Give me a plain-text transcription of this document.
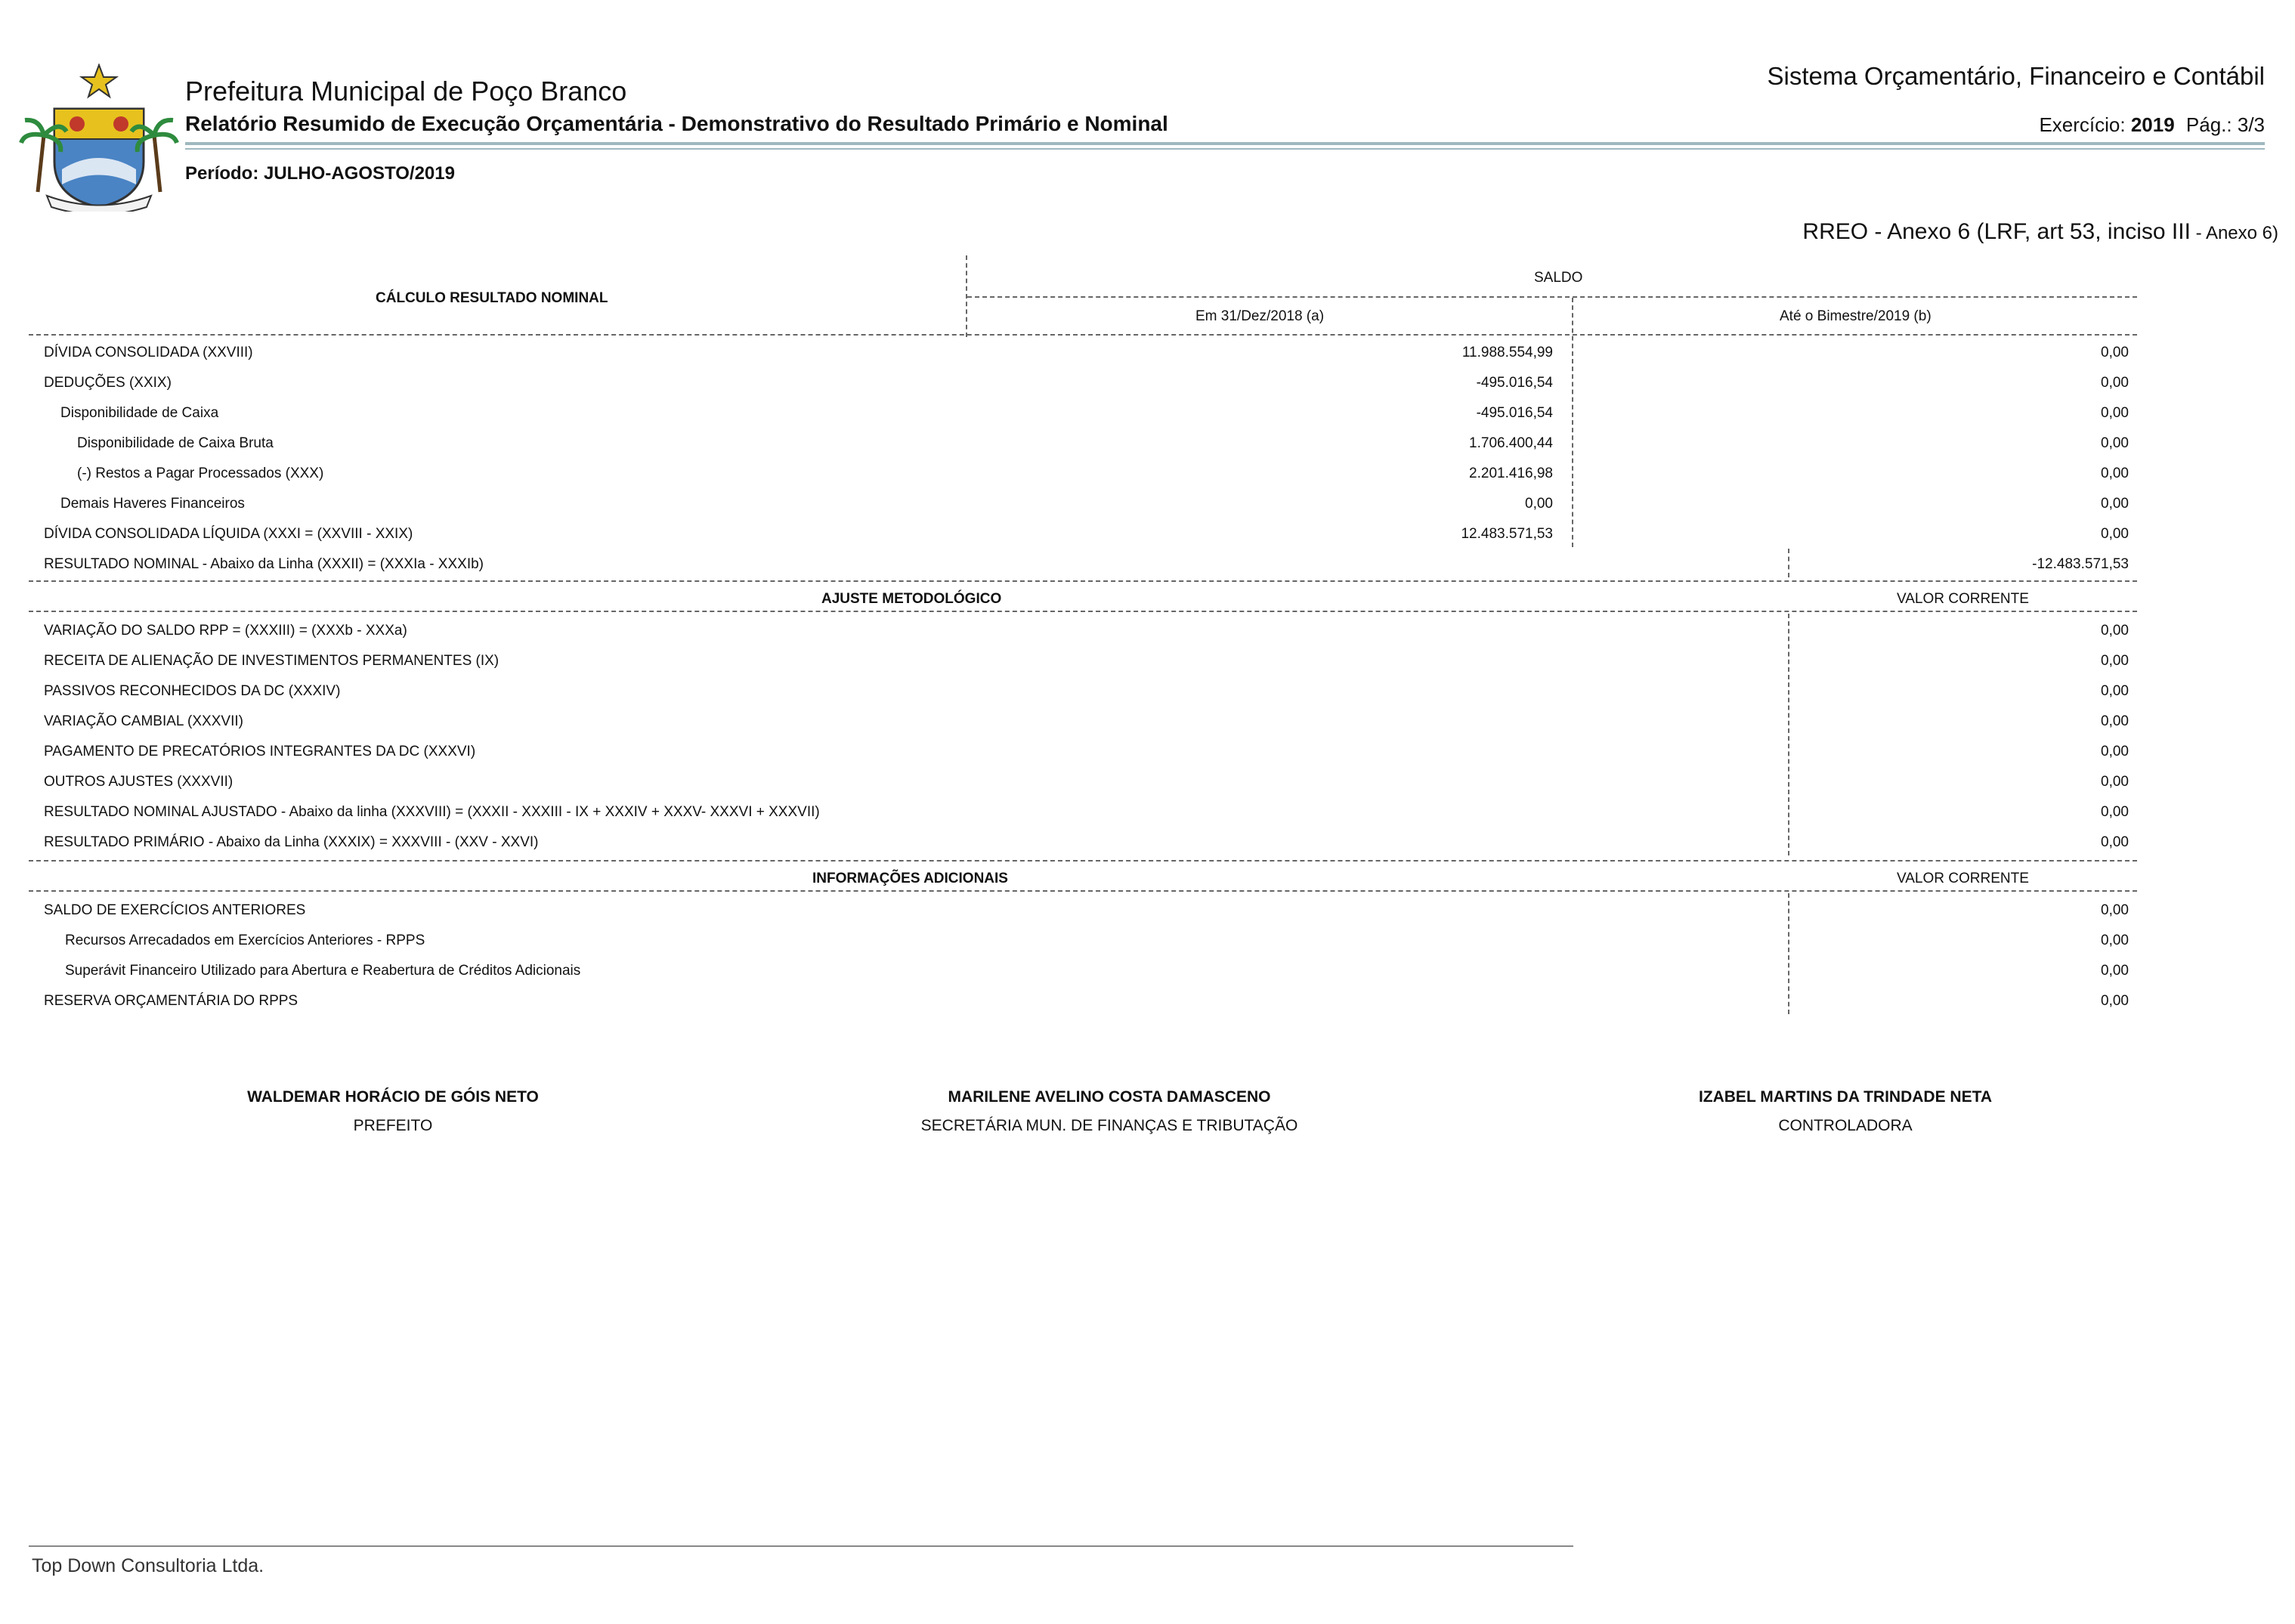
Prefeitura Municipal de Poço Branco
Relatório Resumido de Execução Orçamentária - Demonstrativo do Resultado Primário e Nominal
Sistema Orçamentário, Financeiro e Contábil
Exercício: 2019 Pág.: 3/3
Período: JULHO-AGOSTO/2019
RREO - Anexo 6 (LRF, art 53, inciso III - Anexo 6)
CÁLCULO RESULTADO NOMINAL
SALDO
Em 31/Dez/2018 (a)	Até o Bimestre/2019 (b)
DÍVIDA CONSOLIDADA (XXVIII)	11.988.554,99	0,00
DEDUÇÕES (XXIX)	-495.016,54	0,00
Disponibilidade de Caixa	-495.016,54	0,00
Disponibilidade de Caixa Bruta	1.706.400,44	0,00
(-) Restos a Pagar Processados (XXX)	2.201.416,98	0,00
Demais Haveres Financeiros	0,00	0,00
DÍVIDA CONSOLIDADA LÍQUIDA (XXXI = (XXVIII - XXIX)	12.483.571,53	0,00
RESULTADO NOMINAL - Abaixo da Linha (XXXII) = (XXXIa - XXXIb)	-12.483.571,53
AJUSTE METODOLÓGICO	VALOR CORRENTE
VARIAÇÃO DO SALDO RPP = (XXXIII) = (XXXb - XXXa)	0,00
RECEITA DE ALIENAÇÃO DE INVESTIMENTOS PERMANENTES (IX)	0,00
PASSIVOS RECONHECIDOS DA DC (XXXIV)	0,00
VARIAÇÃO CAMBIAL (XXXVII)	0,00
PAGAMENTO DE PRECATÓRIOS INTEGRANTES DA DC (XXXVI)	0,00
OUTROS AJUSTES (XXXVII)	0,00
RESULTADO NOMINAL AJUSTADO - Abaixo da linha (XXXVIII) = (XXXII - XXXIII - IX + XXXIV + XXXV- XXXVI + XXXVII)	0,00
RESULTADO PRIMÁRIO - Abaixo da Linha (XXXIX) = XXXVIII - (XXV - XXVI)	0,00
INFORMAÇÕES ADICIONAIS	VALOR CORRENTE
SALDO DE EXERCÍCIOS ANTERIORES	0,00
Recursos Arrecadados em Exercícios Anteriores - RPPS	0,00
Superávit Financeiro Utilizado para Abertura e Reabertura de Créditos Adicionais	0,00
RESERVA ORÇAMENTÁRIA DO RPPS	0,00
WALDEMAR HORÁCIO DE GÓIS NETO
PREFEITO
MARILENE AVELINO COSTA DAMASCENO
SECRETÁRIA MUN. DE FINANÇAS E TRIBUTAÇÃO
IZABEL MARTINS DA TRINDADE NETA
CONTROLADORA
Top Down Consultoria Ltda.
